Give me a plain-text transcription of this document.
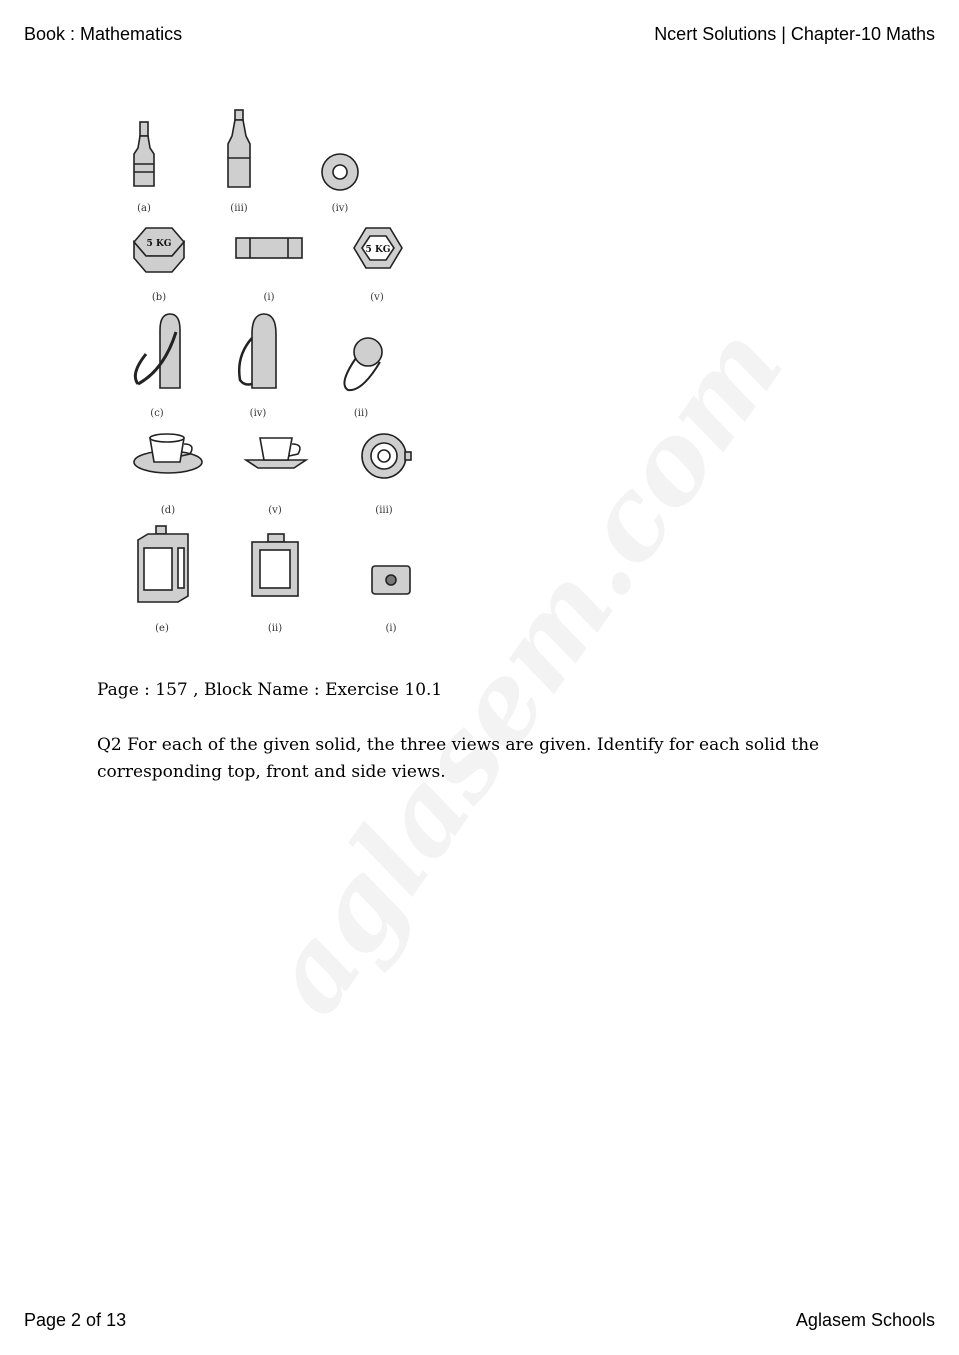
Book : Mathematics	Ncert Solutions | Chapter-10 Maths
5 KG
5 KG
(a)	(iii)	(iv)
(b)	(i)	(v)
(c)	(iv)	(ii)
(d)	(v)	(iii)
(e)	(ii)	(i)
Page : 157 , Block Name : Exercise 10.1
Q2 For each of the given solid, the three views are given. Identify for each solid the corresponding top, front and side views.
Page 2 of 13	Aglasem Schools
